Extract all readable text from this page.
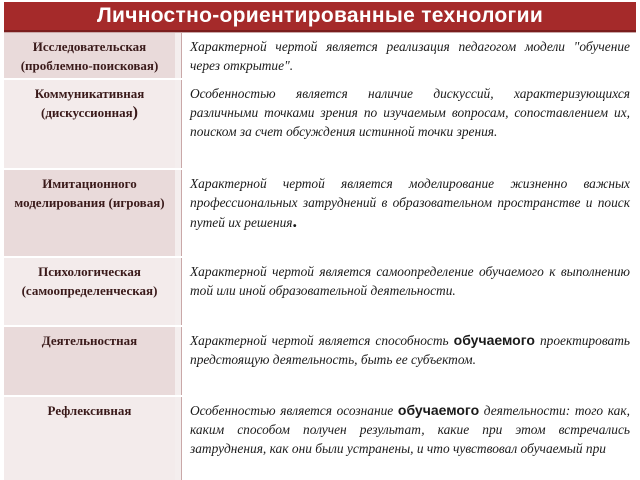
Личностно-ориентированные технологии
Исследовательская (проблемно-поисковая)
Характерной чертой является реализация педагогом модели "обучение через открытие".
Коммуникативная (дискуссионная)
Особенностью является наличие дискуссий, характеризующихся различными точками зрения по изучаемым вопросам, сопоставлением их, поиском за счет обсуждения истинной точки зрения.
Имитационного моделирования (игровая)
Характерной чертой является моделирование жизненно важных профессиональных затруднений в образовательном пространстве и поиск путей их решения.
Психологическая (самоопределенческая)
Характерной чертой является самоопределение обучаемого к выполнению той или иной образовательной деятельности.
Деятельностная	Характерной чертой является способность обучаемого проектировать предстоящую деятельность, быть ее субъектом.
Рефлексивная	Особенностью является осознание обучаемого деятельности: того как, каким способом получен результат, какие при этом встречались затруднения, как они были устранены, и что чувствовал обучаемый при
